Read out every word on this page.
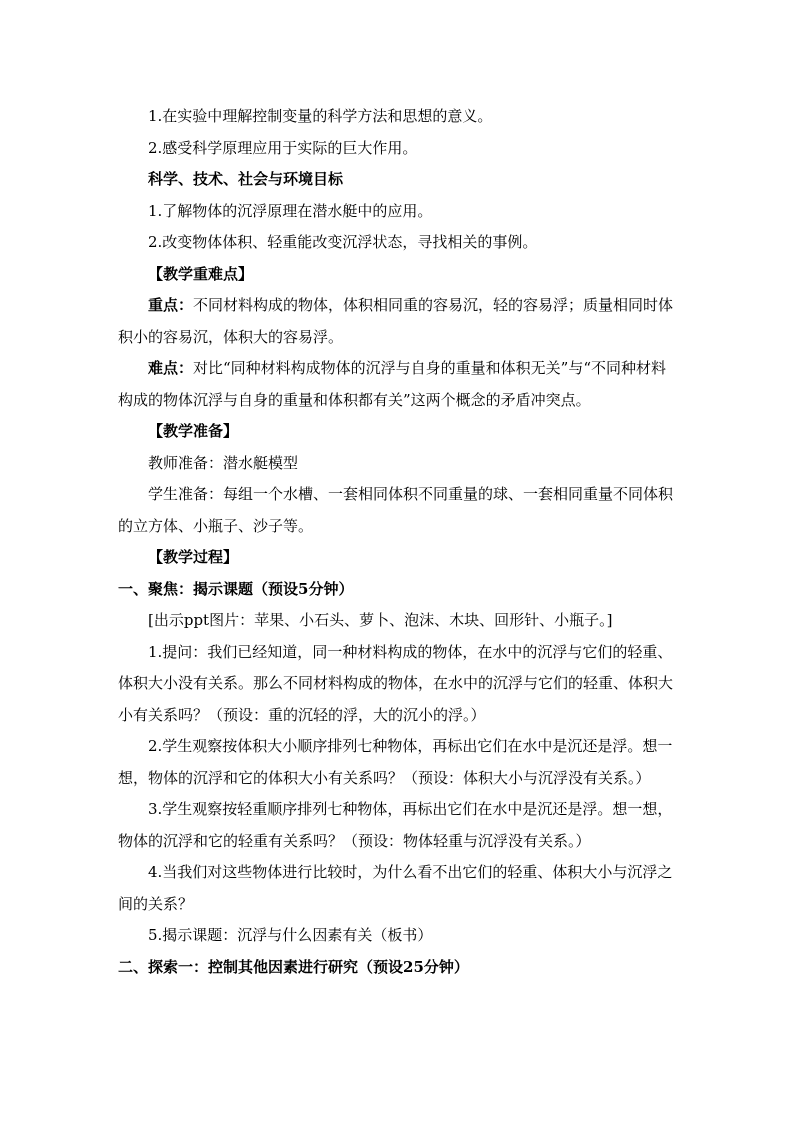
1.在实验中理解控制变量的科学方法和思想的意义。

2.感受科学原理应用于实际的巨大作用。

科学、技术、社会与环境目标

1.了解物体的沉浮原理在潜水艇中的应用。

2.改变物体体积、轻重能改变沉浮状态，寻找相关的事例。

【教学重难点】

重点：不同材料构成的物体，体积相同重的容易沉，轻的容易浮；质量相同时体积小的容易沉，体积大的容易浮。

难点：对比“同种材料构成物体的沉浮与自身的重量和体积无关”与“不同种材料构成的物体沉浮与自身的重量和体积都有关”这两个概念的矛盾冲突点。

【教学准备】

教师准备：潜水艇模型

学生准备：每组一个水槽、一套相同体积不同重量的球、一套相同重量不同体积的立方体、小瓶子、沙子等。

【教学过程】

一、聚焦：揭示课题（预设5分钟）

[出示ppt图片：苹果、小石头、萝卜、泡沫、木块、回形针、小瓶子。]

1.提问：我们已经知道，同一种材料构成的物体，在水中的沉浮与它们的轻重、体积大小没有关系。那么不同材料构成的物体，在水中的沉浮与它们的轻重、体积大小有关系吗？（预设：重的沉轻的浮，大的沉小的浮。）

2.学生观察按体积大小顺序排列七种物体，再标出它们在水中是沉还是浮。想一想，物体的沉浮和它的体积大小有关系吗？（预设：体积大小与沉浮没有关系。）

3.学生观察按轻重顺序排列七种物体，再标出它们在水中是沉还是浮。想一想，物体的沉浮和它的轻重有关系吗？（预设：物体轻重与沉浮没有关系。）

4.当我们对这些物体进行比较时，为什么看不出它们的轻重、体积大小与沉浮之间的关系？

5.揭示课题：沉浮与什么因素有关（板书）

二、探索一：控制其他因素进行研究（预设25分钟）
